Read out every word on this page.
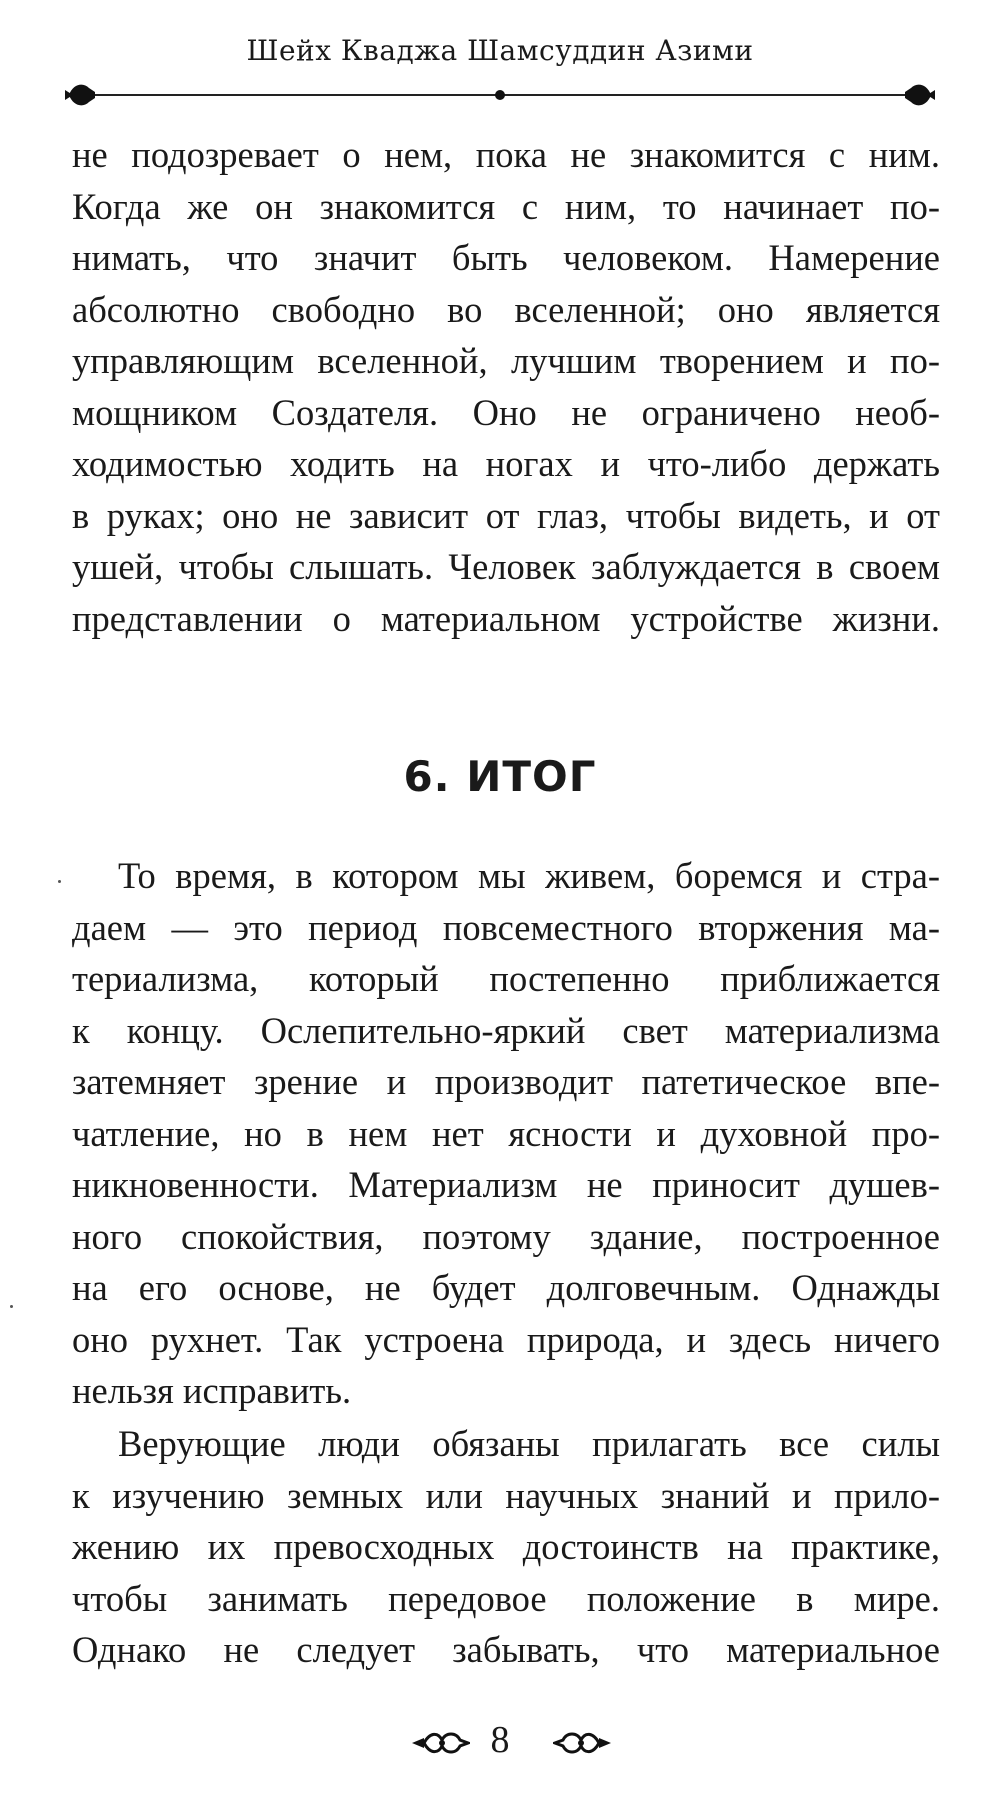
Шейх Кваджа Шамсуддин Азими
не подозревает о нем, пока не знакомится с ним.
Когда же он знакомится с ним, то начинает по-
нимать, что значит быть человеком. Намерение
абсолютно свободно во вселенной; оно является
управляющим вселенной, лучшим творением и по-
мощником Создателя. Оно не ограничено необ-
ходимостью ходить на ногах и что-либо держать
в руках; оно не зависит от глаз, чтобы видеть, и от
ушей, чтобы слышать. Человек заблуждается в своем
представлении о материальном устройстве жизни.
6. ИТОГ
То время, в котором мы живем, боремся и стра-
даем — это период повсеместного вторжения ма-
териализма, который постепенно приближается
к концу. Ослепительно-яркий свет материализма
затемняет зрение и производит патетическое впе-
чатление, но в нем нет ясности и духовной про-
никновенности. Материализм не приносит душев-
ного спокойствия, поэтому здание, построенное
на его основе, не будет долговечным. Однажды
оно рухнет. Так устроена природа, и здесь ничего
нельзя исправить.
Верующие люди обязаны прилагать все силы
к изучению земных или научных знаний и прило-
жению их превосходных достоинств на практике,
чтобы занимать передовое положение в мире.
Однако не следует забывать, что материальное
8
